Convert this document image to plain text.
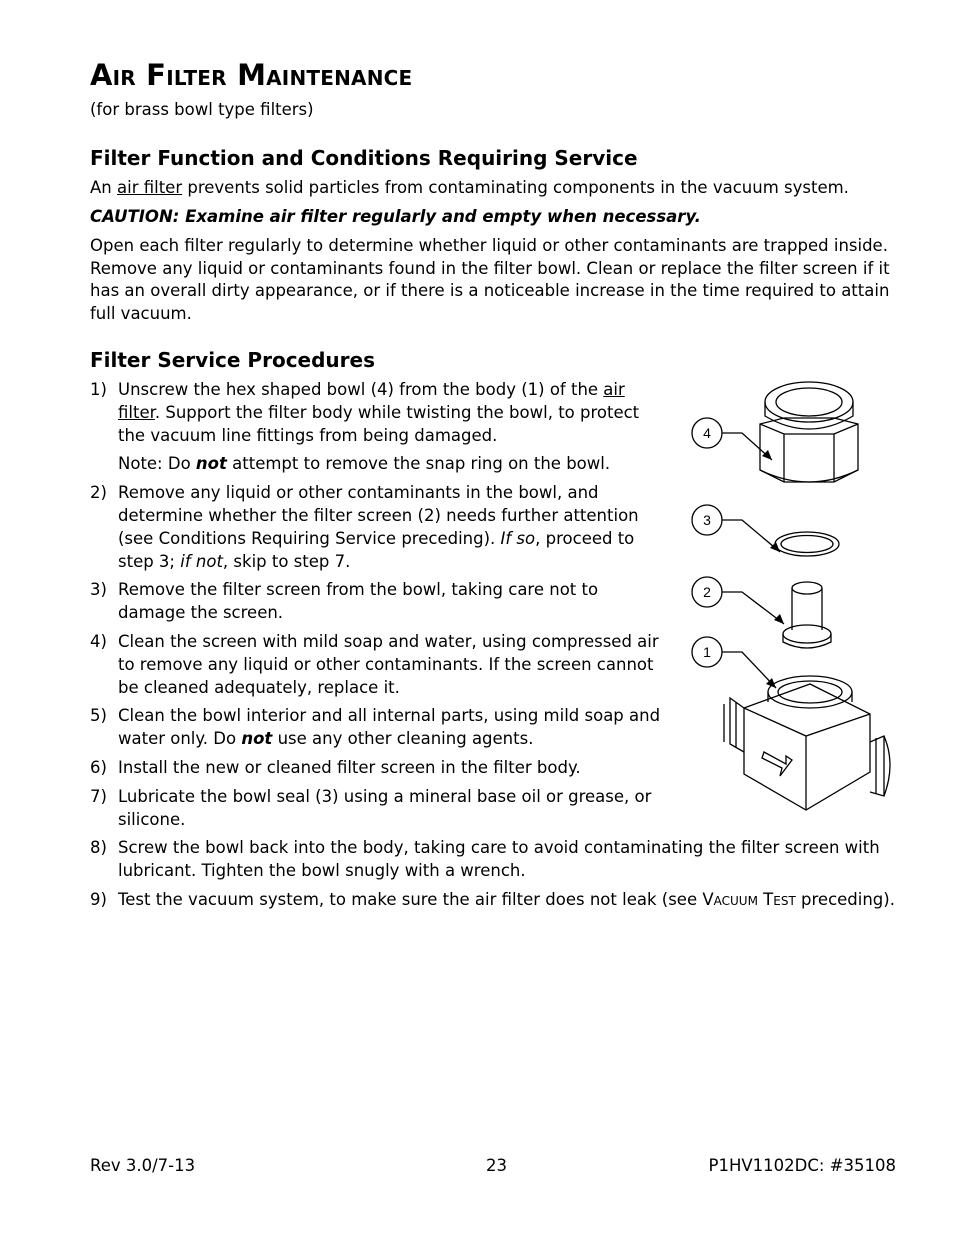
Air Filter Maintenance
(for brass bowl type filters)
Filter Function and Conditions Requiring Service
An air filter prevents solid particles from contaminating components in the vacuum system.
CAUTION: Examine air filter regularly and empty when necessary.
Open each filter regularly to determine whether liquid or other contaminants are trapped inside. Remove any liquid or contaminants found in the filter bowl. Clean or replace the filter screen if it has an overall dirty appearance, or if there is a noticeable increase in the time required to attain full vacuum.
Filter Service Procedures
1) Unscrew the hex shaped bowl (4) from the body (1) of the air filter. Support the filter body while twisting the bowl, to protect the vacuum line fittings from being damaged.
Note: Do not attempt to remove the snap ring on the bowl.
2) Remove any liquid or other contaminants in the bowl, and determine whether the filter screen (2) needs further attention (see Conditions Requiring Service preceding). If so, proceed to step 3; if not, skip to step 7.
3) Remove the filter screen from the bowl, taking care not to damage the screen.
4) Clean the screen with mild soap and water, using compressed air to remove any liquid or other contaminants. If the screen cannot be cleaned adequately, replace it.
5) Clean the bowl interior and all internal parts, using mild soap and water only. Do not use any other cleaning agents.
6) Install the new or cleaned filter screen in the filter body.
7) Lubricate the bowl seal (3) using a mineral base oil or grease, or silicone.
8) Screw the bowl back into the body, taking care to avoid contaminating the filter screen with lubricant. Tighten the bowl snugly with a wrench.
9) Test the vacuum system, to make sure the air filter does not leak (see Vacuum Test preceding).
Rev 3.0/7-13	23	P1HV1102DC: #35108
4
3
2
1
